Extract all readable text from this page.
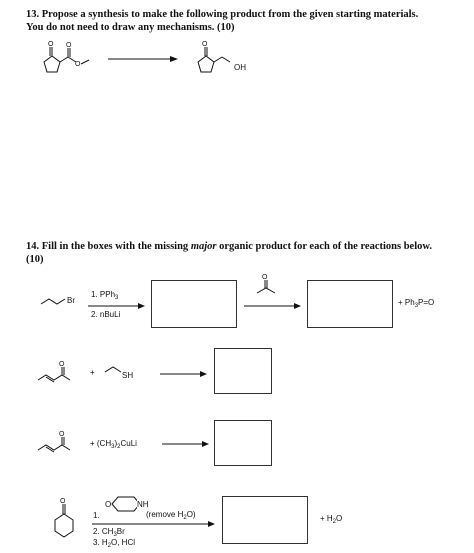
13. Propose a synthesis to make the following product from the given starting materials.
You do not need to draw any mechanisms. (10)
O O
O
O
OH
14. Fill in the boxes with the missing major organic product for each of the reactions below.
(10)
Br
1. PPh$_3$
2. nBuLi
O
+ $Ph_3P=O$
O
+	SH
O
+ $(CH_3)_2CuLi$
O
1.
O	NH
(remove $H_2O$)
2. $CH_3Br$
3. $H_2O$, HCl
+ $H_2O$
